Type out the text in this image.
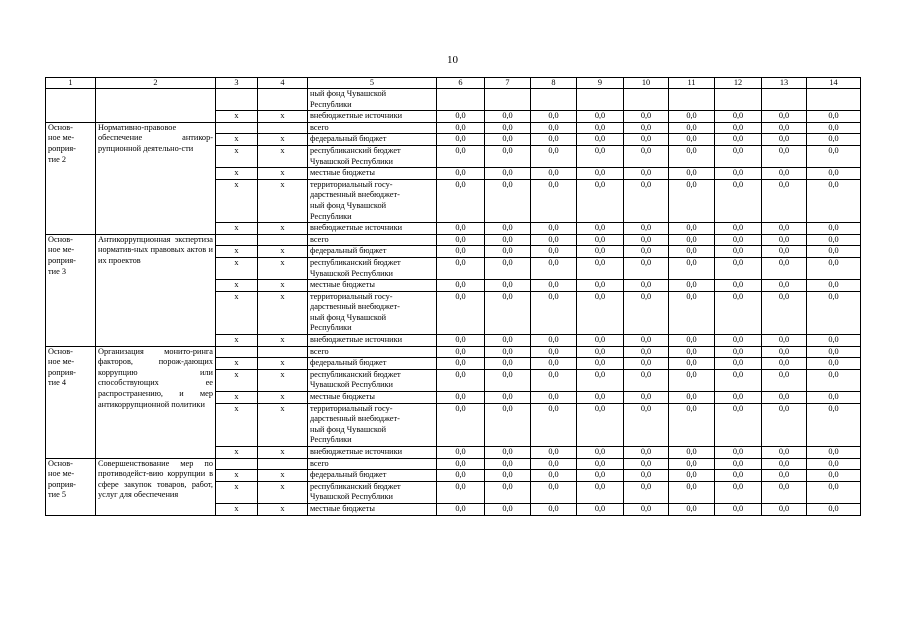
10
1	2	3	4	5	6	7	8	9	10	11	12	13	14

				ный фонд Чувашской
Республики									

		x	x	внебюджетные источники	0,0	0,0	0,0	0,0	0,0	0,0	0,0	0,0	0,0

Основ-
ное ме-
роприя-
тие 2	Нормативно-правовое обеспечение антикор-рупционной деятельно-сти			всего	0,0	0,0	0,0	0,0	0,0	0,0	0,0	0,0	0,0
		x	x	федеральный бюджет	0,0	0,0	0,0	0,0	0,0	0,0	0,0	0,0	0,0
		x	x	республиканский бюджет
Чувашской Республики	0,0	0,0	0,0	0,0	0,0	0,0	0,0	0,0	0,0
		x	x	местные бюджеты	0,0	0,0	0,0	0,0	0,0	0,0	0,0	0,0	0,0
		x	x	территориальный госу-
дарственный внебюджет-
ный фонд Чувашской
Республики	0,0	0,0	0,0	0,0	0,0	0,0	0,0	0,0	0,0
		x	x	внебюджетные источники	0,0	0,0	0,0	0,0	0,0	0,0	0,0	0,0	0,0

Основ-
ное ме-
роприя-
тие 3	Антикоррупционная экспертиза норматив-ных правовых актов и их проектов			всего	0,0	0,0	0,0	0,0	0,0	0,0	0,0	0,0	0,0
		x	x	федеральный бюджет	0,0	0,0	0,0	0,0	0,0	0,0	0,0	0,0	0,0
		x	x	республиканский бюджет
Чувашской Республики	0,0	0,0	0,0	0,0	0,0	0,0	0,0	0,0	0,0
		x	x	местные бюджеты	0,0	0,0	0,0	0,0	0,0	0,0	0,0	0,0	0,0
		x	x	территориальный госу-
дарственный внебюджет-
ный фонд Чувашской
Республики	0,0	0,0	0,0	0,0	0,0	0,0	0,0	0,0	0,0
		x	x	внебюджетные источники	0,0	0,0	0,0	0,0	0,0	0,0	0,0	0,0	0,0

Основ-
ное ме-
роприя-
тие 4	Организация монито-ринга факторов, порож-дающих коррупцию или способствующих ее распространению, и мер антикоррупционной политики			всего	0,0	0,0	0,0	0,0	0,0	0,0	0,0	0,0	0,0
		x	x	федеральный бюджет	0,0	0,0	0,0	0,0	0,0	0,0	0,0	0,0	0,0
		x	x	республиканский бюджет
Чувашской Республики	0,0	0,0	0,0	0,0	0,0	0,0	0,0	0,0	0,0
		x	x	местные бюджеты	0,0	0,0	0,0	0,0	0,0	0,0	0,0	0,0	0,0
		x	x	территориальный госу-
дарственный внебюджет-
ный фонд Чувашской
Республики	0,0	0,0	0,0	0,0	0,0	0,0	0,0	0,0	0,0
		x	x	внебюджетные источники	0,0	0,0	0,0	0,0	0,0	0,0	0,0	0,0	0,0

Основ-
ное ме-
роприя-
тие 5	Совершенствование мер по противодейст-вию коррупции в сфере закупок товаров, работ, услуг для обеспечения			всего	0,0	0,0	0,0	0,0	0,0	0,0	0,0	0,0	0,0
		x	x	федеральный бюджет	0,0	0,0	0,0	0,0	0,0	0,0	0,0	0,0	0,0
		x	x	республиканский бюджет
Чувашской Республики	0,0	0,0	0,0	0,0	0,0	0,0	0,0	0,0	0,0
		x	x	местные бюджеты	0,0	0,0	0,0	0,0	0,0	0,0	0,0	0,0	0,0
